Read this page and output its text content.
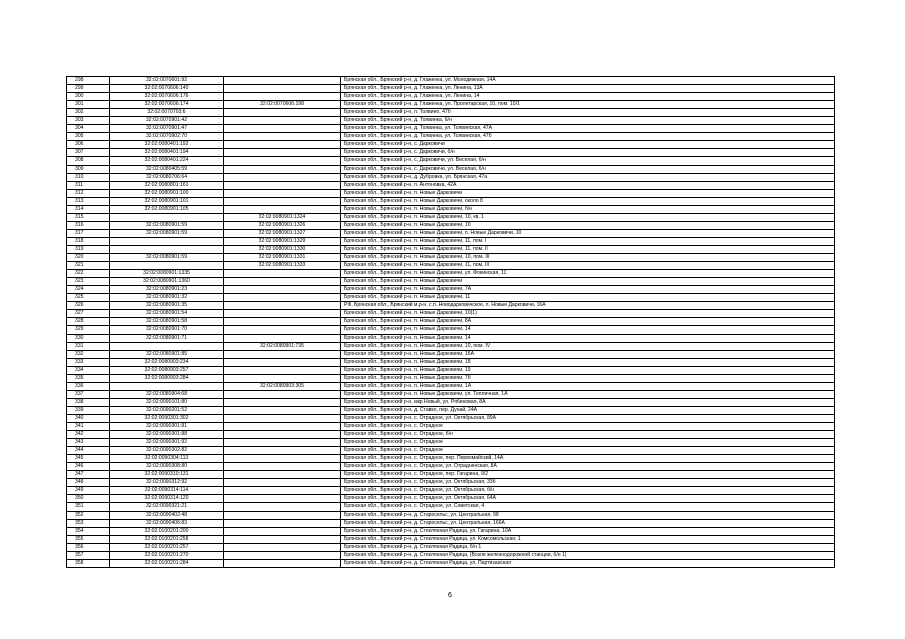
298	32:02:0070601:92		Брянская обл., Брянский р-н, д. Глаженка, ул. Молодежная, 14А
299	32:02:0070606:140		Брянская обл., Брянский р-н, д. Глаженка, ул. Ленина, 13А
300	32:02:0070606:176		Брянская обл., Брянский р-н, д. Глаженка, ул. Ленина, 14
301	32:02:0070606:174	32:02:0070606:198	Брянская обл., Брянский р-н, д. Глаженка, ул. Пролетарская, 10, пом. 10/1
302	32:02:0070703:6		Брянская обл., Брянский р-н, п. Толвино, 47б
303	32:02:0070901:42		Брянская обл., Брянский р-н, д. Толвинка, б/н
304	32:02:0070901:47		Брянская обл., Брянский р-н, д. Толвинка, ул. Толвинская, 47А
305	32:02:0070902:70		Брянская обл., Брянский р-н, д. Толвинка, ул. Толвинская, 47б
306	32:02:0080401:192		Брянская обл., Брянский р-н, с. Дарковичи
307	32:02:0080401:194		Брянская обл., Брянский р-н, с. Дарковичи, б/н
308	32:02:0080401:224		Брянская обл., Брянский р-н, с. Дарковичи, ул. Веселая, б/н
309	32:02:0080405:59		Брянская обл., Брянский р-н, с. Дарковичи, ул. Веселая, б/н
310	32:02:0080706:64		Брянская обл., Брянский р-н, д. Дубровка, ул. Брянская, 47а
311	32:02:0080801:161		Брянская обл., Брянский р-н, п. Антоновка, 42А
312	32:02:0080901:100		Брянская обл., Брянский р-н, п. Новые Дарковичи
313	32:02:0080901:101		Брянская обл., Брянский р-н, п. Новые Дарковичи, около 8
314	32:02:0080901:105		Брянская обл., Брянский р-н, п. Новые Дарковичи, б/н
315		32:02:0080901:1324	Брянская обл., Брянский р-н, п. Новые Дарковичи, 10, кв. 1
316	32:02:0080901:59	32:02:0080901:1326	Брянская обл., Брянский р-н, п. Новые Дарковичи, 10
317	32:02:0080901:59	32:02:0080901:1327	Брянская обл., Брянский р-н, п. Новые Дарковичи, п. Новые Дарковичи, 10
318		32:02:0080901:1329	Брянская обл., Брянский р-н, п. Новые Дарковичи, 11, пом. I
319		32:02:0080901:1330	Брянская обл., Брянский р-н, п. Новые Дарковичи, 11, пом. II
320	32:02:0080901:59	32:02:0080901:1331	Брянская обл., Брянский р-н, п. Новые Дарковичи, 10, пом. III
321		32:02:0080901:1333	Брянская обл., Брянский р-н, п. Новые Дарковичи, 11, пом. III
322	32:02:0080901:1335		Брянская обл., Брянский р-н, п. Новые Дарковичи, ул. Фокинская, 11
323	32:02:0080901:1360		Брянская обл., Брянский р-н, п. Новые Дарковичи
324	32:02:0080901:23		Брянская обл., Брянский р-н, п. Новые Дарковичи, 7А
325	32:02:0080901:32		Брянская обл., Брянский р-н, п. Новые Дарковичи, 11
326	32:02:0080901:35		РФ, Брянская обл., Брянский м.р-н, с.п. Новодарковичское, п. Новые Дарковичи, 16А
327	32:02:0080901:54		Брянская обл., Брянский р-н, п. Новые Дарковичи, 10(1)
328	32:02:0080901:58		Брянская обл., Брянский р-н, п. Новые Дарковичи, 8А
329	32:02:0080901:70		Брянская обл., Брянский р-н, п. Новые Дарковичи, 14
330	32:02:0080901:71		Брянская обл., Брянский р-н, п. Новые Дарковичи, 14
331		32:02:0080901:735	Брянская обл., Брянский р-н, п. Новые Дарковичи, 10, пом. IV
332	32:02:0080901:85		Брянская обл., Брянский р-н, п. Новые Дарковичи, 16А
333	32:02:0080903:234		Брянская обл., Брянский р-н, п. Новые Дарковичи, 18
334	32:02:0080903:257		Брянская обл., Брянский р-н, п. Новые Дарковичи, 19
335	32:02:0080903:284		Брянская обл., Брянский р-н, п. Новые Дарковичи, 7б
336		32:02:0080903:305	Брянская обл., Брянский р-н, п. Новые Дарковичи, 1А
337	32:02:0080904:68		Брянская обл., Брянский р-н, п. Новые Дарковичи, ул. Тепличная, 1А
338	32:02:0090101:80		Брянская обл., Брянский р-н, мкр Новый, ул. Рябиновая, 8А
339	32:02:0090201:52		Брянская обл., Брянский р-н, д. Ставко, пер. Дунай, 24А
340	32:02:0090301:302		Брянская обл., Брянский р-н, с. Отрадное, ул. Октябрьская, 89А
341	32:02:0090301:81		Брянская обл., Брянский р-н, с. Отрадное
342	32:02:0090301:88		Брянская обл., Брянский р-н, с. Отрадное, б/н
343	32:02:0090301:92		Брянская обл., Брянский р-н, с. Отрадное
344	32:02:0090302:82		Брянская обл., Брянский р-н, с. Отрадное
345	32:02:0090304:113		Брянская обл., Брянский р-н, с. Отрадное, пер. Первомайский, 14А
346	32:02:0090308:80		Брянская обл., Брянский р-н, с. Отрадное, ул. Отрадненская, 8А
347	32:02:0090310:131		Брянская обл., Брянский р-н, с. Отрадное, пер. Гагарина, 9/2
348	32:02:0090312:92		Брянская обл., Брянский р-н, с. Отрадное, ул. Октябрьская, 33б
349	32:02:0090314:114		Брянская обл., Брянский р-н, с. Отрадное, ул. Октябрьская, б/н
350	32:02:0090314:120		Брянская обл., Брянский р-н, с. Отрадное, ул. Октябрьская, 64А
351	32:02:0090321:21		Брянская обл., Брянский р-н, с. Отрадное, ул. Советская, 4
352	32:02:0090402:48		Брянская обл., Брянский р-н, д. Старосельс, ул. Центральная, 98
353	32:02:0090406:83		Брянская обл., Брянский р-н, д. Старосельс, ул. Центральная, 166А
354	32:02:0100201:200		Брянская обл., Брянский р-н, д. Стеклянная Радица, ул. Гагарина, 10А
355	32:02:0100201:258		Брянская обл., Брянский р-н, д. Стеклянная Радица, ул. Комсомольская, 1
356	32:02:0100201:257		Брянская обл., Брянский р-н, д. Стеклянная Радица, б/н 1
357	32:02:0100201:270		Брянская обл., Брянский р-н, д. Стеклянная Радица, (Возле железнодорожной станции, б/н 1)
358	32:02:0100201:284		Брянская обл., Брянский р-н, д. Стеклянная Радица, ул. Партизанская
6
